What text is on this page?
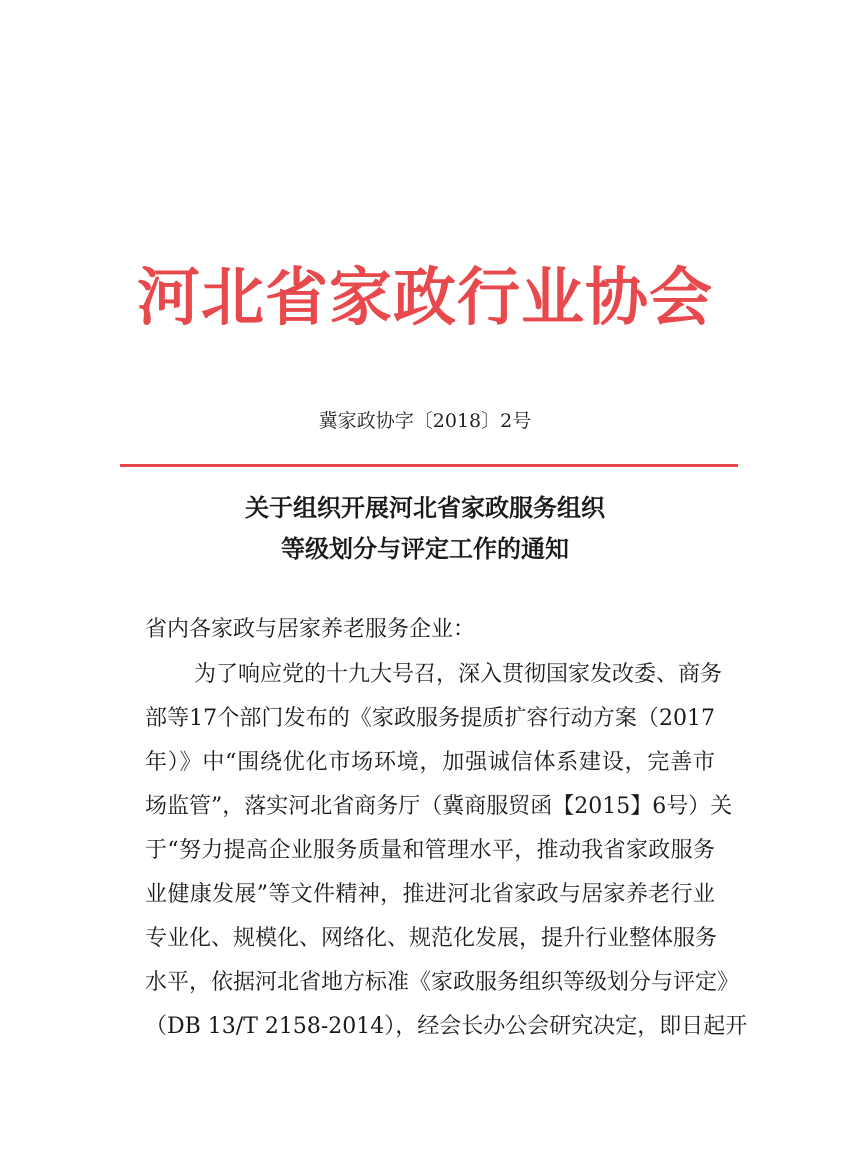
河北省家政行业协会
冀家政协字〔2018〕2号
关于组织开展河北省家政服务组织
等级划分与评定工作的通知
省内各家政与居家养老服务企业：
为了响应党的十九大号召，深入贯彻国家发改委、商务
部等17个部门发布的《家政服务提质扩容行动方案（2017
年）》中“围绕优化市场环境，加强诚信体系建设，完善市
场监管”，落实河北省商务厅（冀商服贸函【2015】6号）关
于“努力提高企业服务质量和管理水平，推动我省家政服务
业健康发展”等文件精神，推进河北省家政与居家养老行业
专业化、规模化、网络化、规范化发展，提升行业整体服务
水平，依据河北省地方标准《家政服务组织等级划分与评定》
（DB 13/T 2158-2014），经会长办公会研究决定，即日起开
